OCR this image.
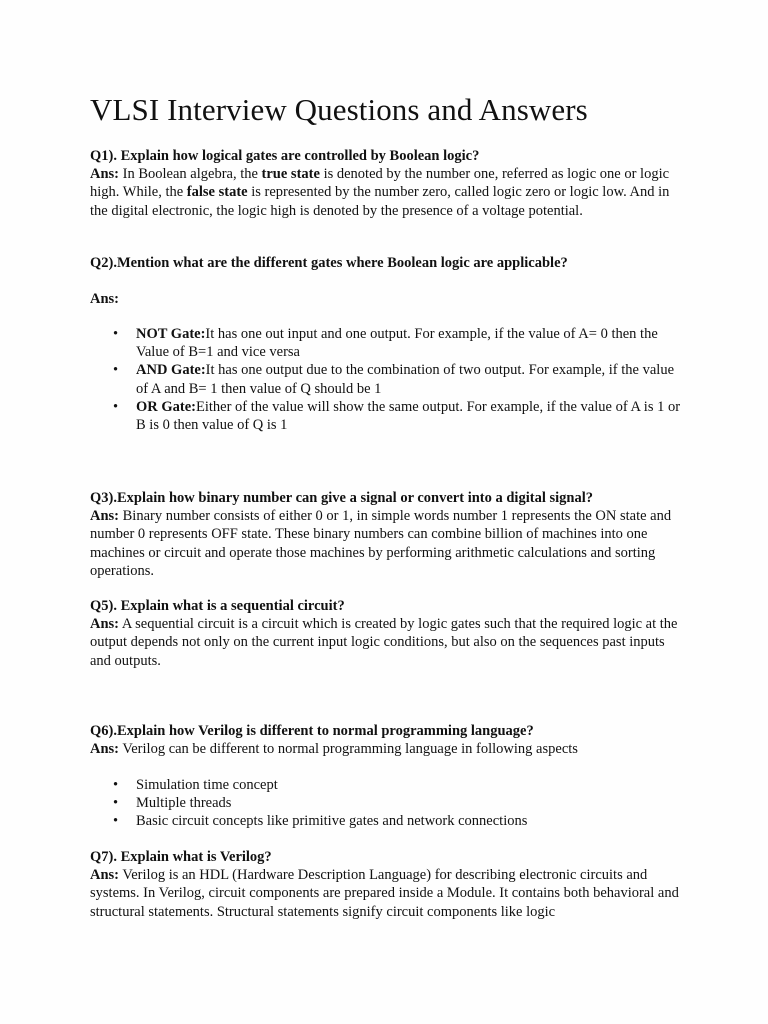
VLSI Interview Questions and Answers

Q1). Explain how logical gates are controlled by Boolean logic?

Ans: In Boolean algebra, the true state is denoted by the number one, referred as logic one or logic high. While, the false state is represented by the number zero, called logic zero or logic low. And in the digital electronic, the logic high is denoted by the presence of a voltage potential.

Q2).Mention what are the different gates where Boolean logic are applicable?

Ans:

• NOT Gate:It has one out input and one output. For example, if the value of A= 0 then the Value of B=1 and vice versa
• AND Gate:It has one output due to the combination of two output. For example, if the value of A and B= 1 then value of Q should be 1
• OR Gate:Either of the value will show the same output. For example, if the value of A is 1 or B is 0 then value of Q is 1

Q3).Explain how binary number can give a signal or convert into a digital signal?

Ans: Binary number consists of either 0 or 1, in simple words number 1 represents the ON state and number 0 represents OFF state. These binary numbers can combine billion of machines into one machines or circuit and operate those machines by performing arithmetic calculations and sorting operations.

Q5). Explain what is a sequential circuit?

Ans: A sequential circuit is a circuit which is created by logic gates such that the required logic at the output depends not only on the current input logic conditions, but also on the sequences past inputs and outputs.

Q6).Explain how Verilog is different to normal programming language?

Ans: Verilog can be different to normal programming language in following aspects

• Simulation time concept
• Multiple threads
• Basic circuit concepts like primitive gates and network connections

Q7). Explain what is Verilog?

Ans: Verilog is an HDL (Hardware Description Language) for describing electronic circuits and systems. In Verilog, circuit components are prepared inside a Module. It contains both behavioral and structural statements. Structural statements signify circuit components like logic
